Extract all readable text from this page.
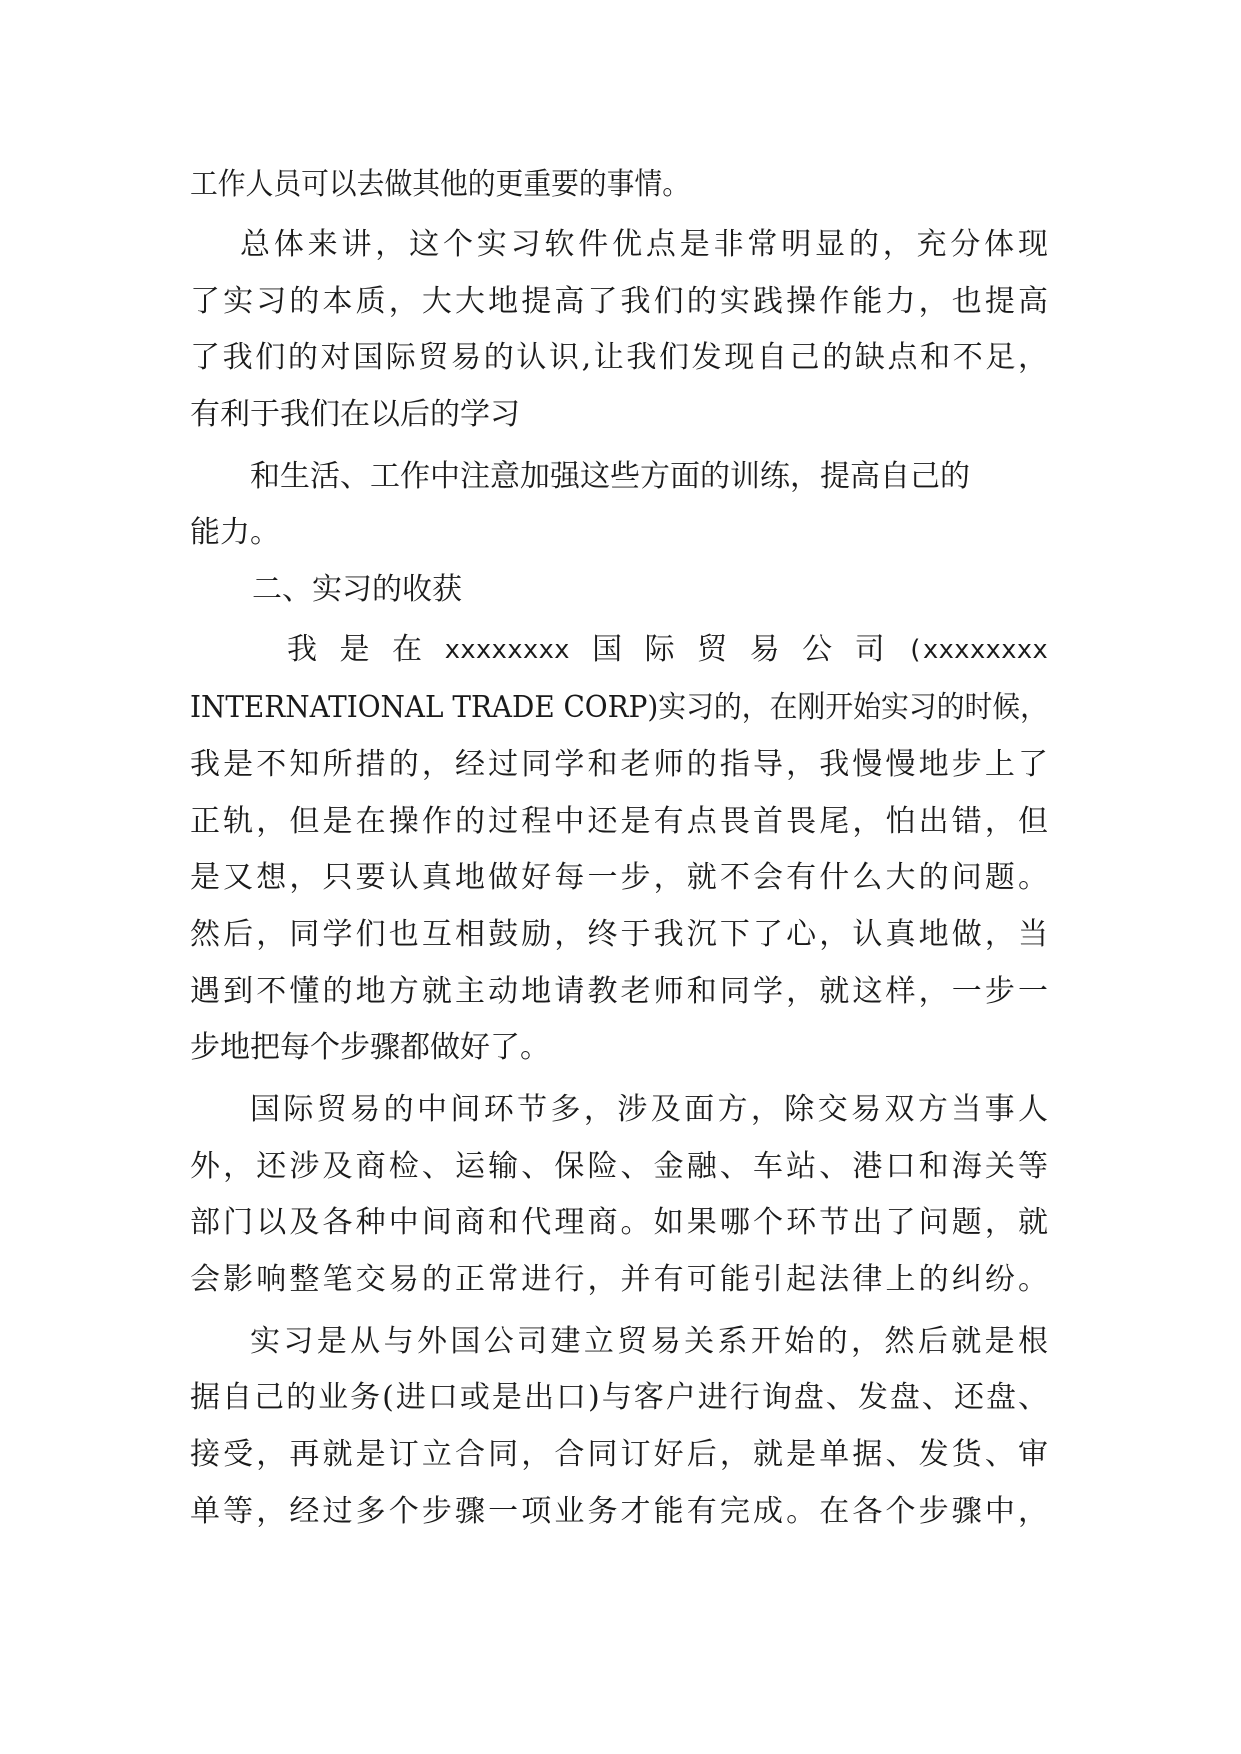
工作人员可以去做其他的更重要的事情。
总体来讲，这个实习软件优点是非常明显的，充分体现
了实习的本质，大大地提高了我们的实践操作能力，也提高
了我们的对国际贸易的认识,让我们发现自己的缺点和不足，
有利于我们在以后的学习
和生活、工作中注意加强这些方面的训练，提高自己的
能力。
二、实习的收获
我 是 在 xxxxxxxx 国 际 贸 易 公 司 (xxxxxxxx
INTERNATIONAL TRADE CORP)实习的，在刚开始实习的时候，
我是不知所措的，经过同学和老师的指导，我慢慢地步上了
正轨，但是在操作的过程中还是有点畏首畏尾，怕出错，但
是又想，只要认真地做好每一步，就不会有什么大的问题。
然后，同学们也互相鼓励，终于我沉下了心，认真地做，当
遇到不懂的地方就主动地请教老师和同学，就这样，一步一
步地把每个步骤都做好了。
国际贸易的中间环节多，涉及面方，除交易双方当事人
外，还涉及商检、运输、保险、金融、车站、港口和海关等
部门以及各种中间商和代理商。如果哪个环节出了问题，就
会影响整笔交易的正常进行，并有可能引起法律上的纠纷。
实习是从与外国公司建立贸易关系开始的，然后就是根
据自己的业务(进口或是出口)与客户进行询盘、发盘、还盘、
接受，再就是订立合同，合同订好后，就是单据、发货、审
单等，经过多个步骤一项业务才能有完成。在各个步骤中，
